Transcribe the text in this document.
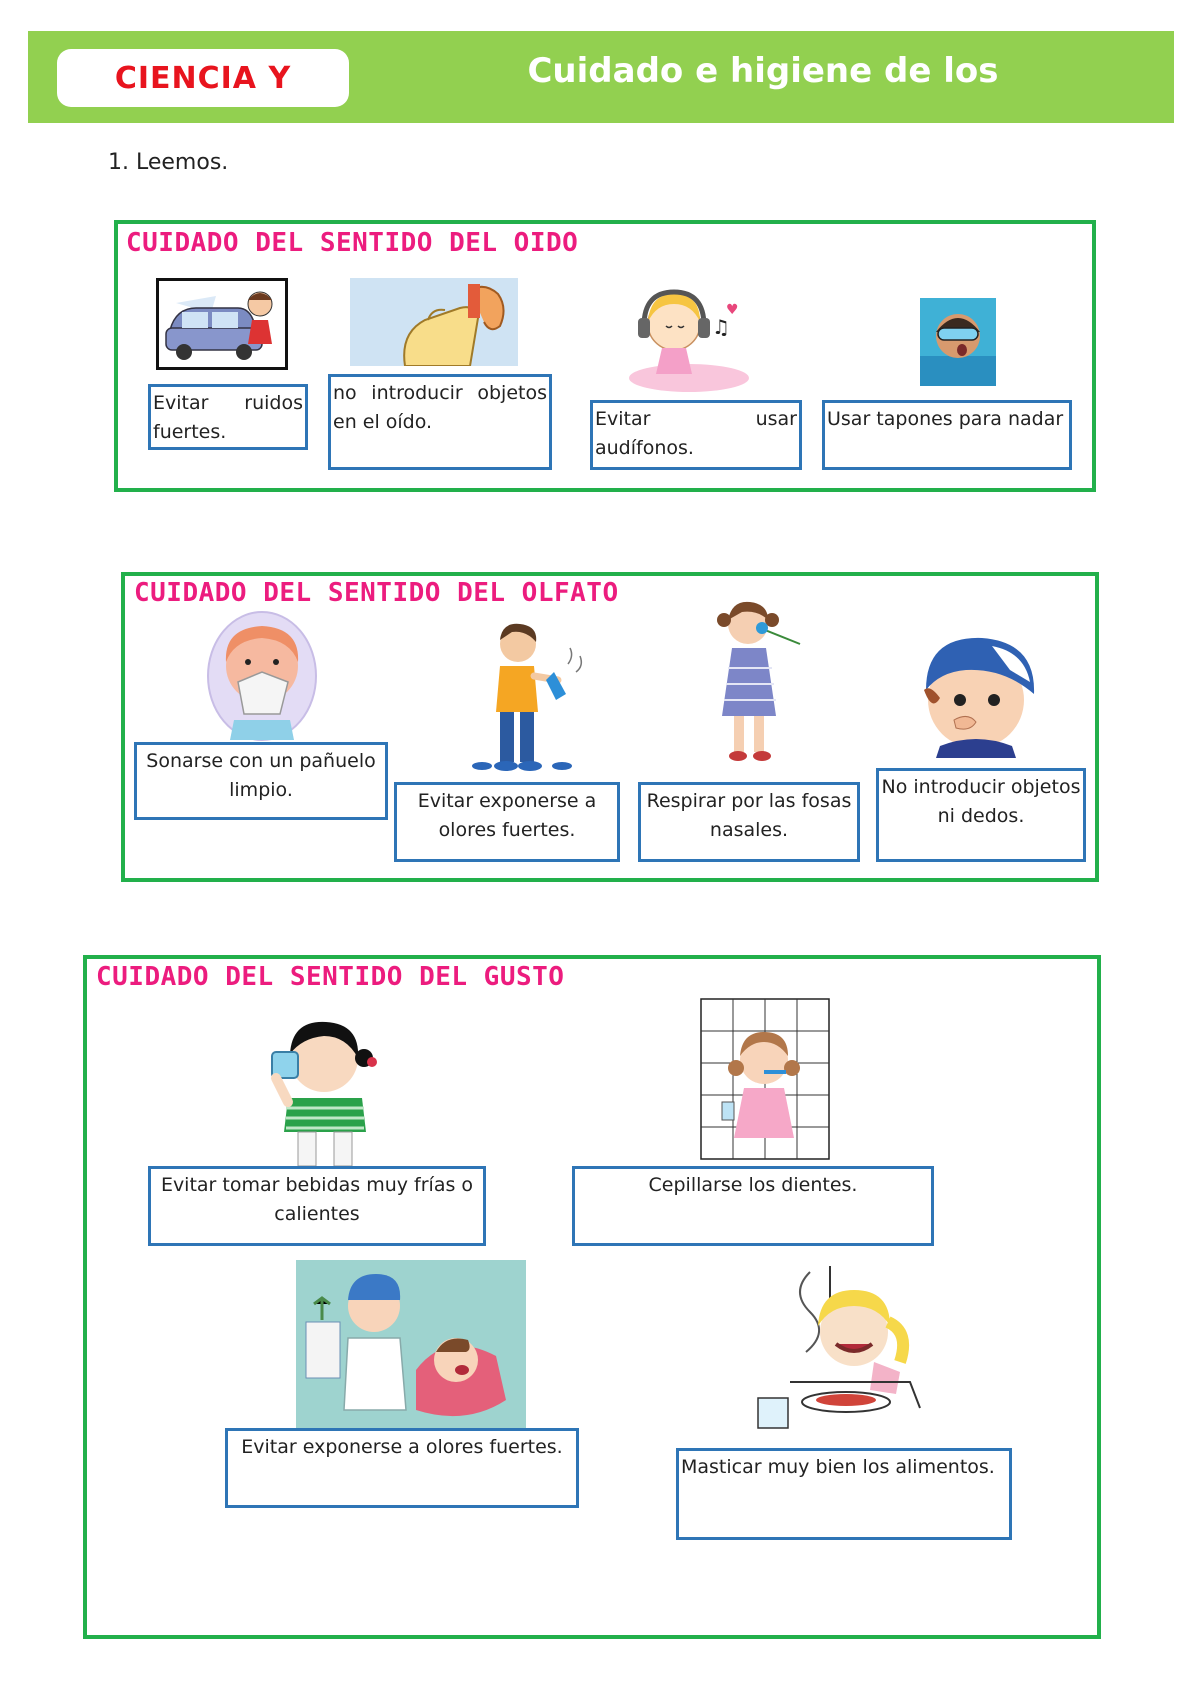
CIENCIA Y	Cuidado e higiene de los
1. Leemos.
CUIDADO DEL SENTIDO DEL OIDO
♫
♥
Evitar ruidos fuertes.
no introducir objetos en el oído.	Evitar usar audífonos.
Usar tapones para nadar
CUIDADO DEL SENTIDO DEL OLFATO
Sonarse con un pañuelo limpio.	Evitar exponerse a olores fuertes.
Respirar por las fosas nasales.
No introducir objetos ni dedos.
CUIDADO DEL SENTIDO DEL GUSTO
Evitar tomar bebidas muy frías o calientes
Cepillarse los dientes.
Evitar exponerse a olores fuertes.
Masticar muy bien los alimentos.
